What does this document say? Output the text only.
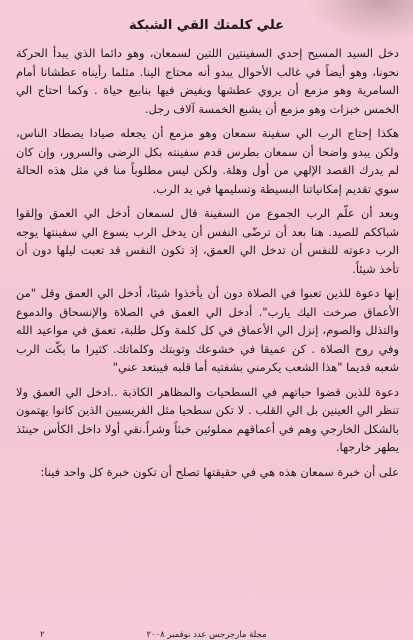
علي كلمتك القي الشبكة

دخل السيد المسيح إحدي السفينتين اللتين لسمعان، وهو دائما الذي يبدأ الحركة نحونا، وهو أيضاً في غالب الأحوال يبدو أنه محتاج الينا. مثلما رأيناه عطشانا أمام السامرية وهو مزمع أن يروي عطشها ويفيض فيها بنابيع حياة . وكما احتاج الي الخمس خبزات وهو مزمع أن يشبع الخمسة آلاف رجل.

هكذا إحتاج الرب الي سفينة سمعان وهو مزمع أن يجعله صيادا يصطاد الناس، ولكن يبدو واضحا أن سمعان بطرس قدم سفينته بكل الرضى والسرور، وإن كان لم يدرك القصد الإلهي من أول وهلة. ولكن ليس مطلوباً منا في مثل هذه الحالة سوي تقديم إمكانياتنا البسيطة وتسليمها في يد الرب.

وبعد أن علّم الرب الجموع من السفينة قال لسمعان أدخل الي العمق وإلقوا شباككم للصيد. هنا بعد أن ترضّى النفس أن يدخل الرب يسوع الي سفينتها يوجه الرب دعوته للنفس أن تدخل الي العمق، إذ تكون النفس قد تعبت ليلها دون أن تأخذ شيئاً.

إنها دعوة للذين تعبوا في الصلاة دون أن يأخذوا شيئا، أدخل الي العمق وقل "من الأعماق صرخت اليك يارب". أدخل الي العمق في الصلاة والإنسحاق والدموع والتذلل والصوم، إنزل الي الأعماق في كل كلمة وكل طلبة، تعمق في مواعيد الله وفي روح الصلاة . كن عميقا في خشوعك وتوبتك وكلماتك. كثيرا ما بكّت الرب شعبه قديما "هذا الشعب يكرمني بشفتيه أما قلبه فيبتعد عني"

دعوة للذين قضوا حياتهم في السطحيات والمظاهر الكاذبة ..ادخل الي العمق ولا تنظر الي العينين بل الي القلب . لا تكن سطحيا مثل الفريسيين الذين كانوا يهتمون بالشكل الخارجي وهم في أعماقهم مملوئين خبثاً وشراً.نقي أولا داخل الكأس حينئذ يطهر خارجها.

على أن خبرة سمعان هذه هي في حقيقتها تصلح أن تكون خبرة كل واحد فينا:

مجلة مارجرجس عدد نوفمبر ٢٠٠٨
٢
